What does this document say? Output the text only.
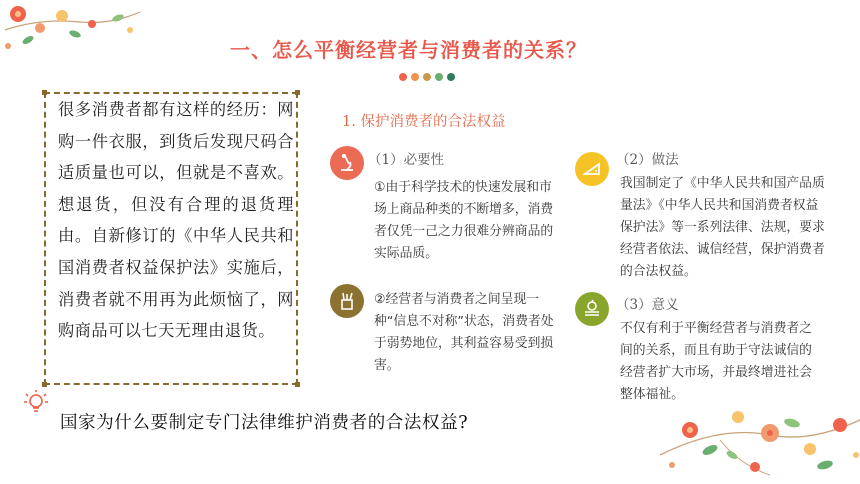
一、怎么平衡经营者与消费者的关系？
很多消费者都有这样的经历：网购一件衣服，到货后发现尺码合适质量也可以，但就是不喜欢。想退货，但没有合理的退货理由。自新修订的《中华人民共和国消费者权益保护法》实施后，消费者就不用再为此烦恼了，网购商品可以七天无理由退货。
国家为什么要制定专门法律维护消费者的合法权益?
1. 保护消费者的合法权益
（1）必要性
①由于科学技术的快速发展和市场上商品种类的不断增多，消费者仅凭一己之力很难分辨商品的实际品质。
②经营者与消费者之间呈现一种“信息不对称”状态，消费者处于弱势地位，其利益容易受到损害。
（2）做法
我国制定了《中华人民共和国产品质量法》《中华人民共和国消费者权益保护法》等一系列法律、法规，要求经营者依法、诚信经营，保护消费者的合法权益。
（3）意义
不仅有利于平衡经营者与消费者之间的关系，而且有助于守法诚信的经营者扩大市场，并最终增进社会整体福祉。
